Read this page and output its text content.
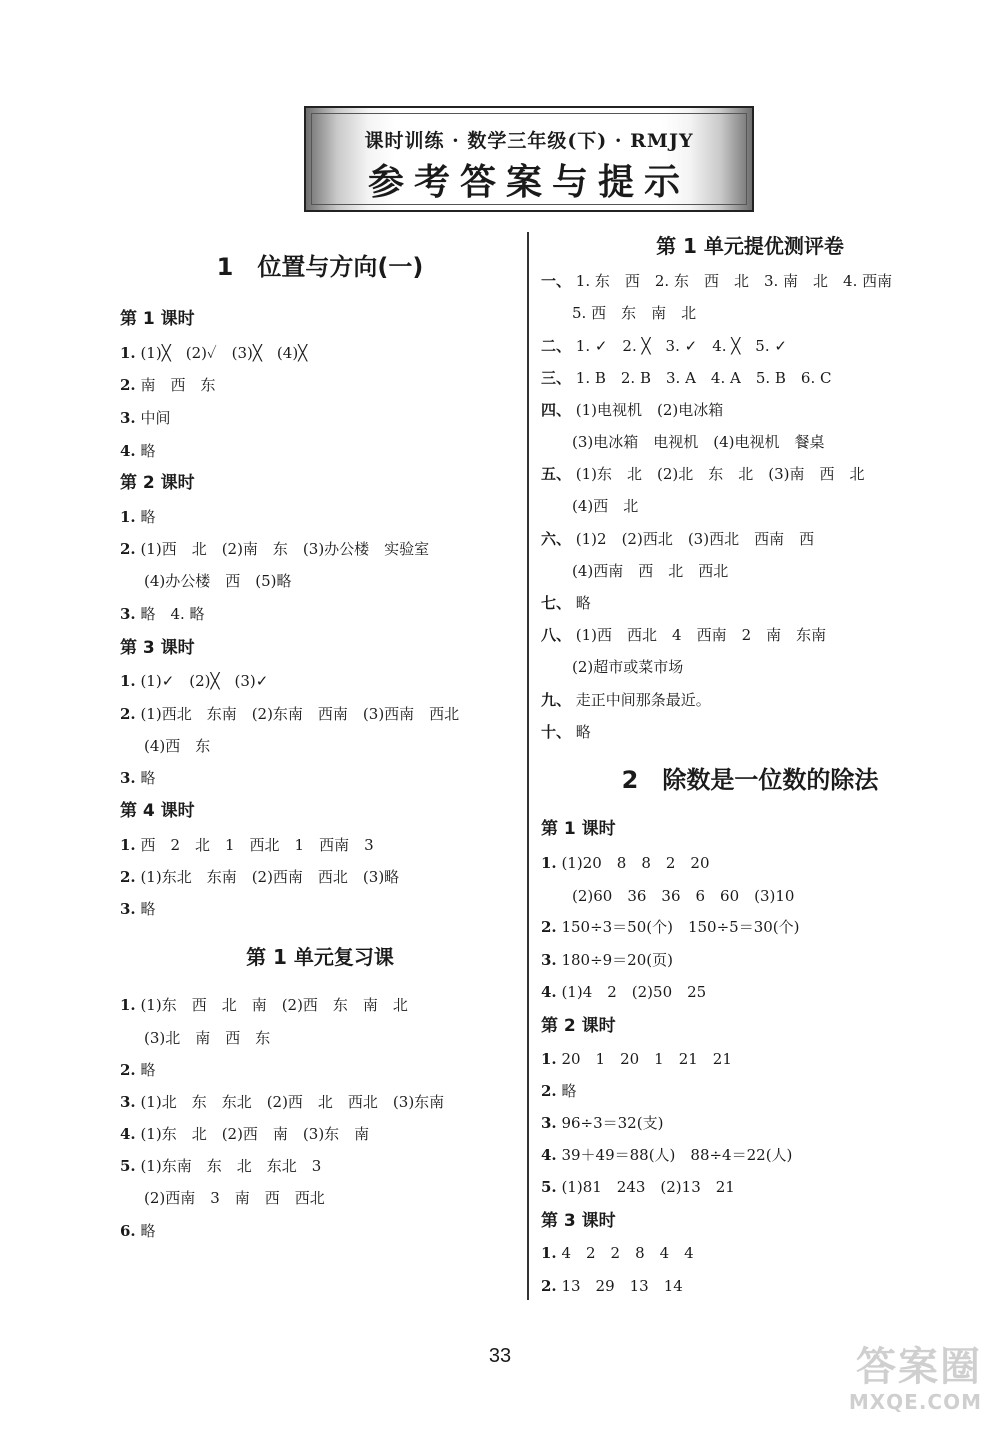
课时训练 · 数学三年级(下) · RMJY
参考答案与提示
1　位置与方向(一)
第 1 课时
1. (1)╳　(2)✓　(3)╳　(4)╳
2. 南　西　东
3. 中间
4. 略
第 2 课时
1. 略
2. (1)西　北　(2)南　东　(3)办公楼　实验室
(4)办公楼　西　(5)略
3. 略　4. 略
第 3 课时
1. (1)✓　(2)╳　(3)✓
2. (1)西北　东南　(2)东南　西南　(3)西南　西北
(4)西　东
3. 略
第 4 课时
1. 西　2　北　1　西北　1　西南　3
2. (1)东北　东南　(2)西南　西北　(3)略
3. 略
第 1 单元复习课
1. (1)东　西　北　南　(2)西　东　南　北
(3)北　南　西　东
2. 略
3. (1)北　东　东北　(2)西　北　西北　(3)东南
4. (1)东　北　(2)西　南　(3)东　南
5. (1)东南　东　北　东北　3
(2)西南　3　南　西　西北
6. 略
第 1 单元提优测评卷
一、 1. 东　西　2. 东　西　北　3. 南　北　4. 西南
5. 西　东　南　北
二、 1. ✓　2. ╳　3. ✓　4. ╳　5. ✓
三、 1. B　2. B　3. A　4. A　5. B　6. C
四、 (1)电视机　(2)电冰箱
(3)电冰箱　电视机　(4)电视机　餐桌
五、 (1)东　北　(2)北　东　北　(3)南　西　北
(4)西　北
六、 (1)2　(2)西北　(3)西北　西南　西
(4)西南　西　北　西北
七、 略
八、 (1)西　西北　4　西南　2　南　东南
(2)超市或菜市场
九、 走正中间那条最近。
十、 略
2　除数是一位数的除法
第 1 课时
1. (1)20　8　8　2　20
(2)60　36　36　6　60　(3)10
2. 150÷3＝50(个)　150÷5＝30(个)
3. 180÷9＝20(页)
4. (1)4　2　(2)50　25
第 2 课时
1. 20　1　20　1　21　21
2. 略
3. 96÷3＝32(支)
4. 39＋49＝88(人)　88÷4＝22(人)
5. (1)81　243　(2)13　21
第 3 课时
1. 4　2　2　8　4　4
2. 13　29　13　14
33	答案圈
MXQE.COM
